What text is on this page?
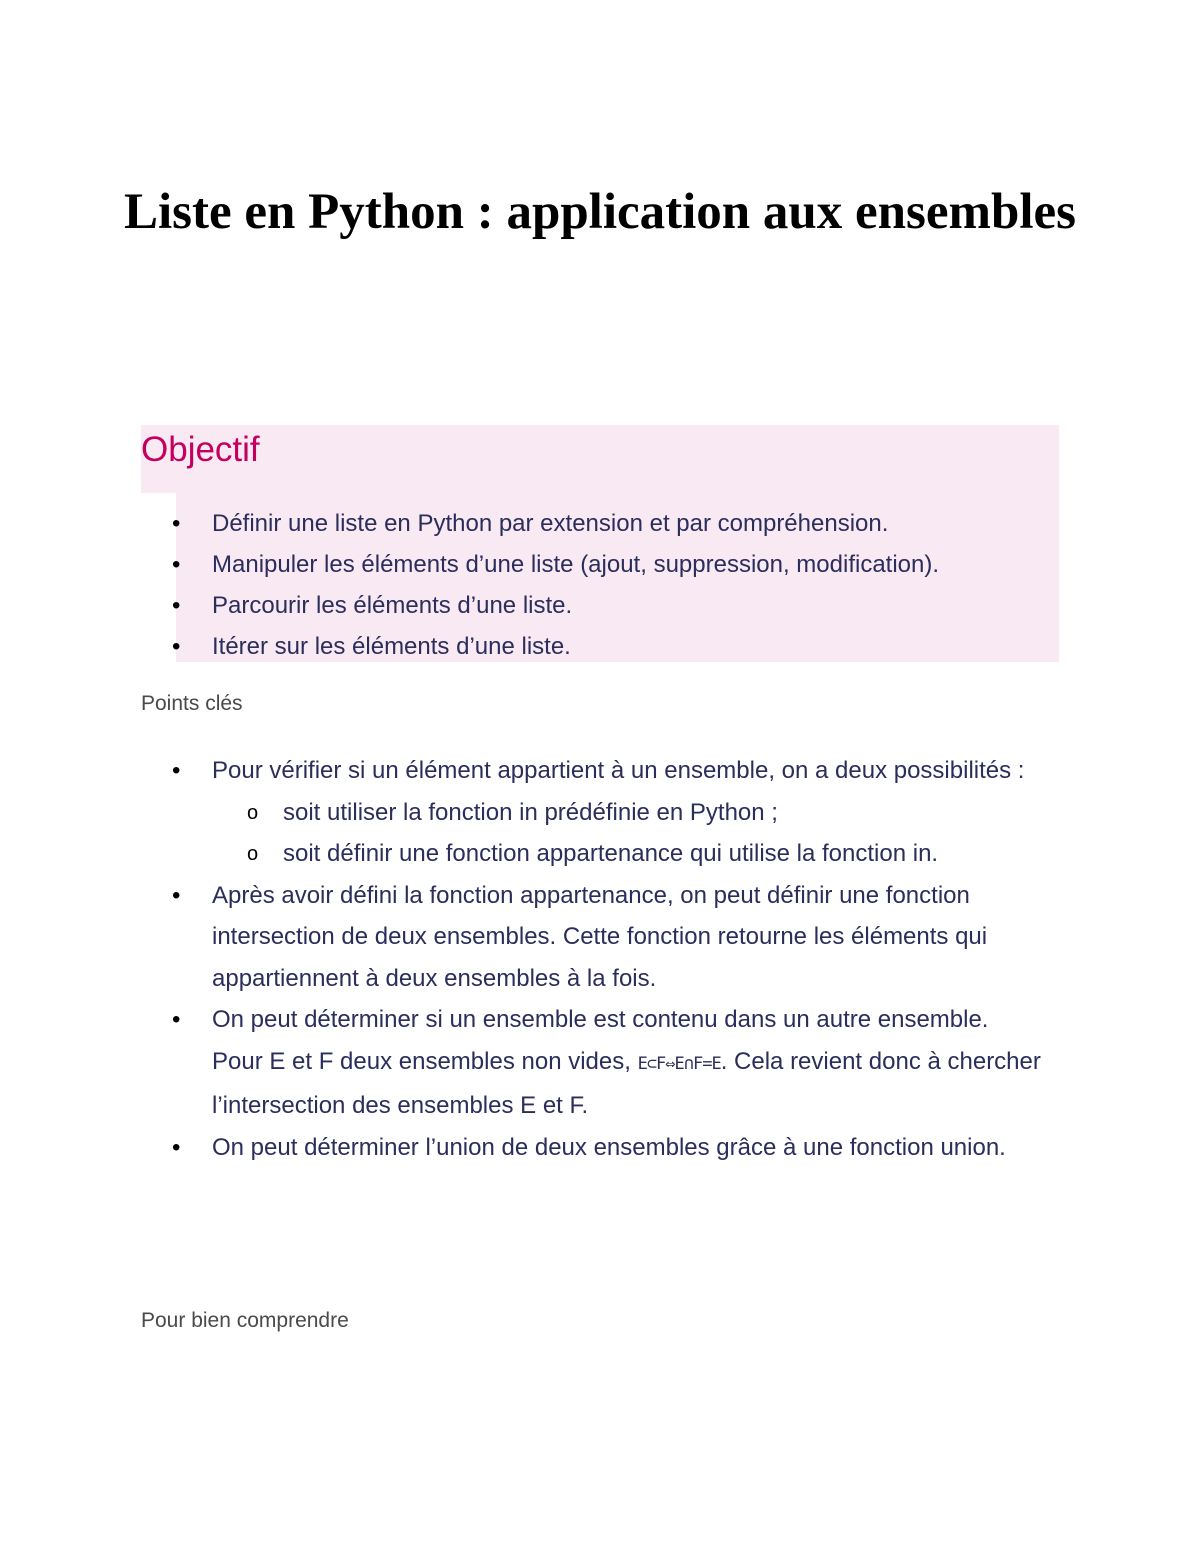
Liste en Python : application aux ensembles
Objectif
• Définir une liste en Python par extension et par compréhension.
• Manipuler les éléments d’une liste (ajout, suppression, modification).
• Parcourir les éléments d’une liste.
• Itérer sur les éléments d’une liste.

Points clés

• Pour vérifier si un élément appartient à un ensemble, on a deux possibilités :
o soit utiliser la fonction in prédéfinie en Python ;
o soit définir une fonction appartenance qui utilise la fonction in.
• Après avoir défini la fonction appartenance, on peut définir une fonction intersection de deux ensembles. Cette fonction retourne les éléments qui appartiennent à deux ensembles à la fois.
• On peut déterminer si un ensemble est contenu dans un autre ensemble.
Pour E et F deux ensembles non vides, E⊂F⇔E∩F=E. Cela revient donc à chercher l’intersection des ensembles E et F.
• On peut déterminer l’union de deux ensembles grâce à une fonction union.

Pour bien comprendre
